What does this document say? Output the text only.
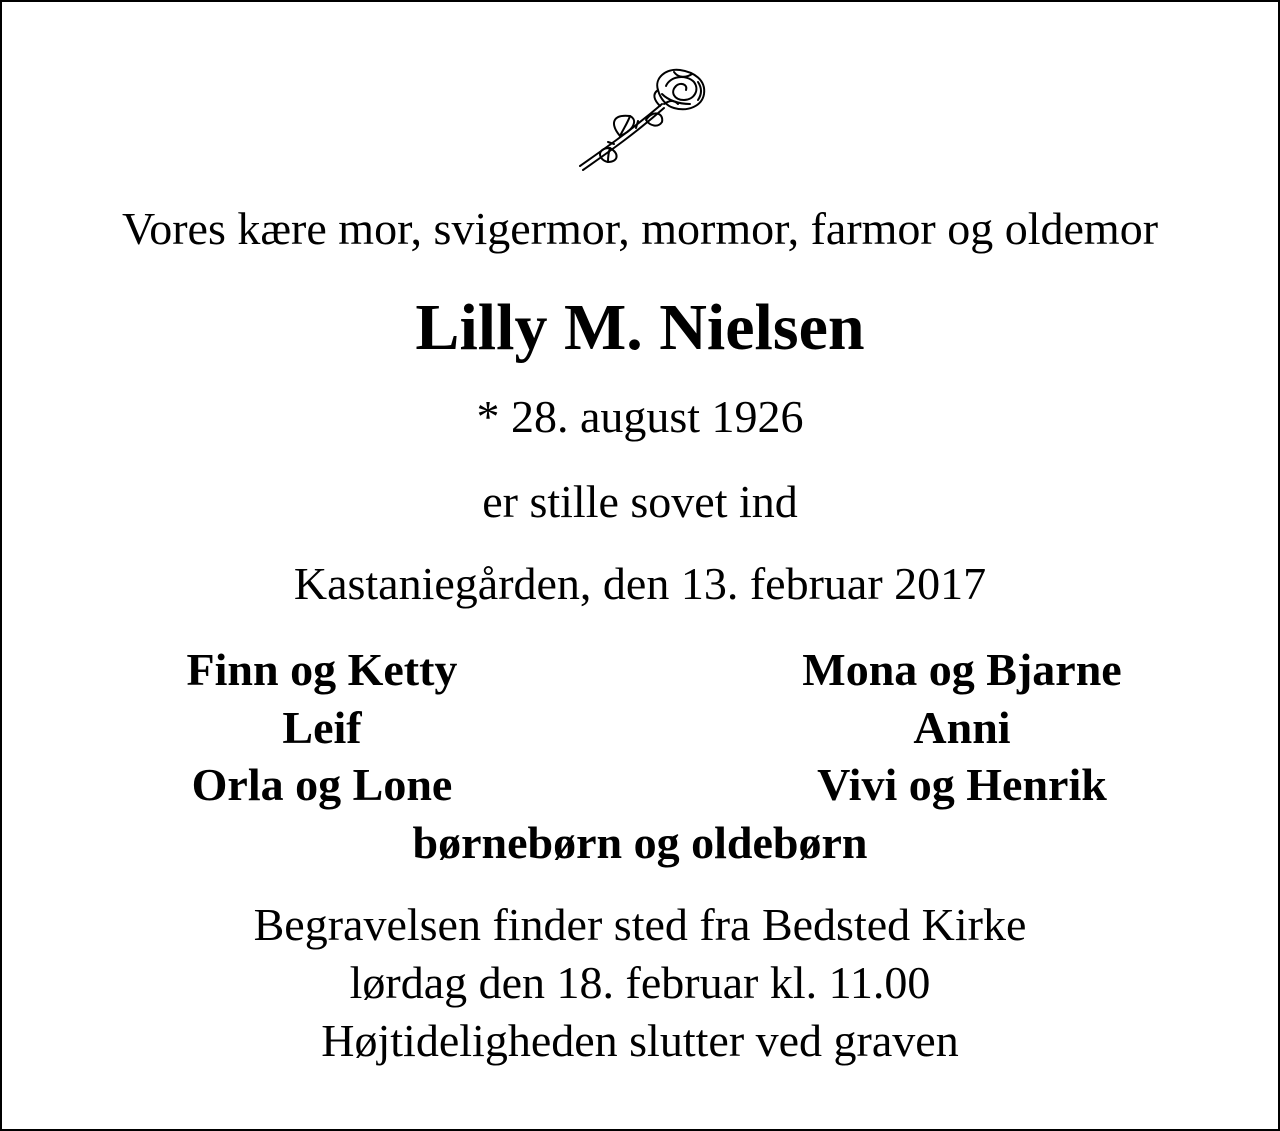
Vores kære mor, svigermor, mormor, farmor og oldemor
Lilly M. Nielsen
* 28. august 1926
er stille sovet ind
Kastaniegården, den 13. februar 2017
Finn og Ketty
Leif
Orla og Lone
Mona og Bjarne
Anni
Vivi og Henrik
børnebørn og oldebørn
Begravelsen finder sted fra Bedsted Kirke
lørdag den 18. februar kl. 11.00
Højtideligheden slutter ved graven
